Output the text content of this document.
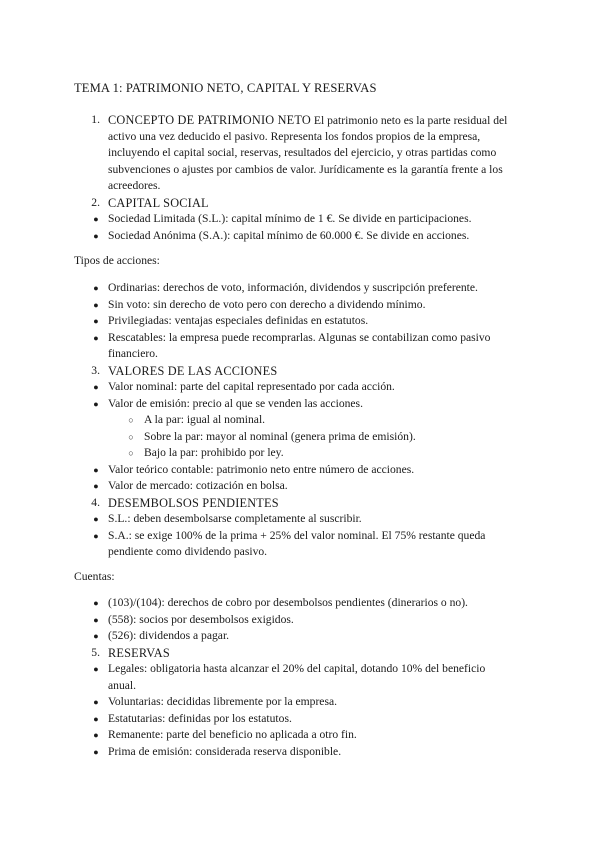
TEMA 1: PATRIMONIO NETO, CAPITAL Y RESERVAS
1. CONCEPTO DE PATRIMONIO NETO El patrimonio neto es la parte residual del
activo una vez deducido el pasivo. Representa los fondos propios de la empresa,
incluyendo el capital social, reservas, resultados del ejercicio, y otras partidas como
subvenciones o ajustes por cambios de valor. Jurídicamente es la garantía frente a los
acreedores.
2. CAPITAL SOCIAL
● Sociedad Limitada (S.L.): capital mínimo de 1 €. Se divide en participaciones.
● Sociedad Anónima (S.A.): capital mínimo de 60.000 €. Se divide en acciones.
Tipos de acciones:
● Ordinarias: derechos de voto, información, dividendos y suscripción preferente.
● Sin voto: sin derecho de voto pero con derecho a dividendo mínimo.
● Privilegiadas: ventajas especiales definidas en estatutos.
● Rescatables: la empresa puede recomprarlas. Algunas se contabilizan como pasivo
financiero.
3. VALORES DE LAS ACCIONES
● Valor nominal: parte del capital representado por cada acción.
● Valor de emisión: precio al que se venden las acciones.
○ A la par: igual al nominal.
○ Sobre la par: mayor al nominal (genera prima de emisión).
○ Bajo la par: prohibido por ley.
● Valor teórico contable: patrimonio neto entre número de acciones.
● Valor de mercado: cotización en bolsa.
4. DESEMBOLSOS PENDIENTES
● S.L.: deben desembolsarse completamente al suscribir.
● S.A.: se exige 100% de la prima + 25% del valor nominal. El 75% restante queda
pendiente como dividendo pasivo.
Cuentas:
● (103)/(104): derechos de cobro por desembolsos pendientes (dinerarios o no).
● (558): socios por desembolsos exigidos.
● (526): dividendos a pagar.
5. RESERVAS
● Legales: obligatoria hasta alcanzar el 20% del capital, dotando 10% del beneficio
anual.
● Voluntarias: decididas libremente por la empresa.
● Estatutarias: definidas por los estatutos.
● Remanente: parte del beneficio no aplicada a otro fin.
● Prima de emisión: considerada reserva disponible.
